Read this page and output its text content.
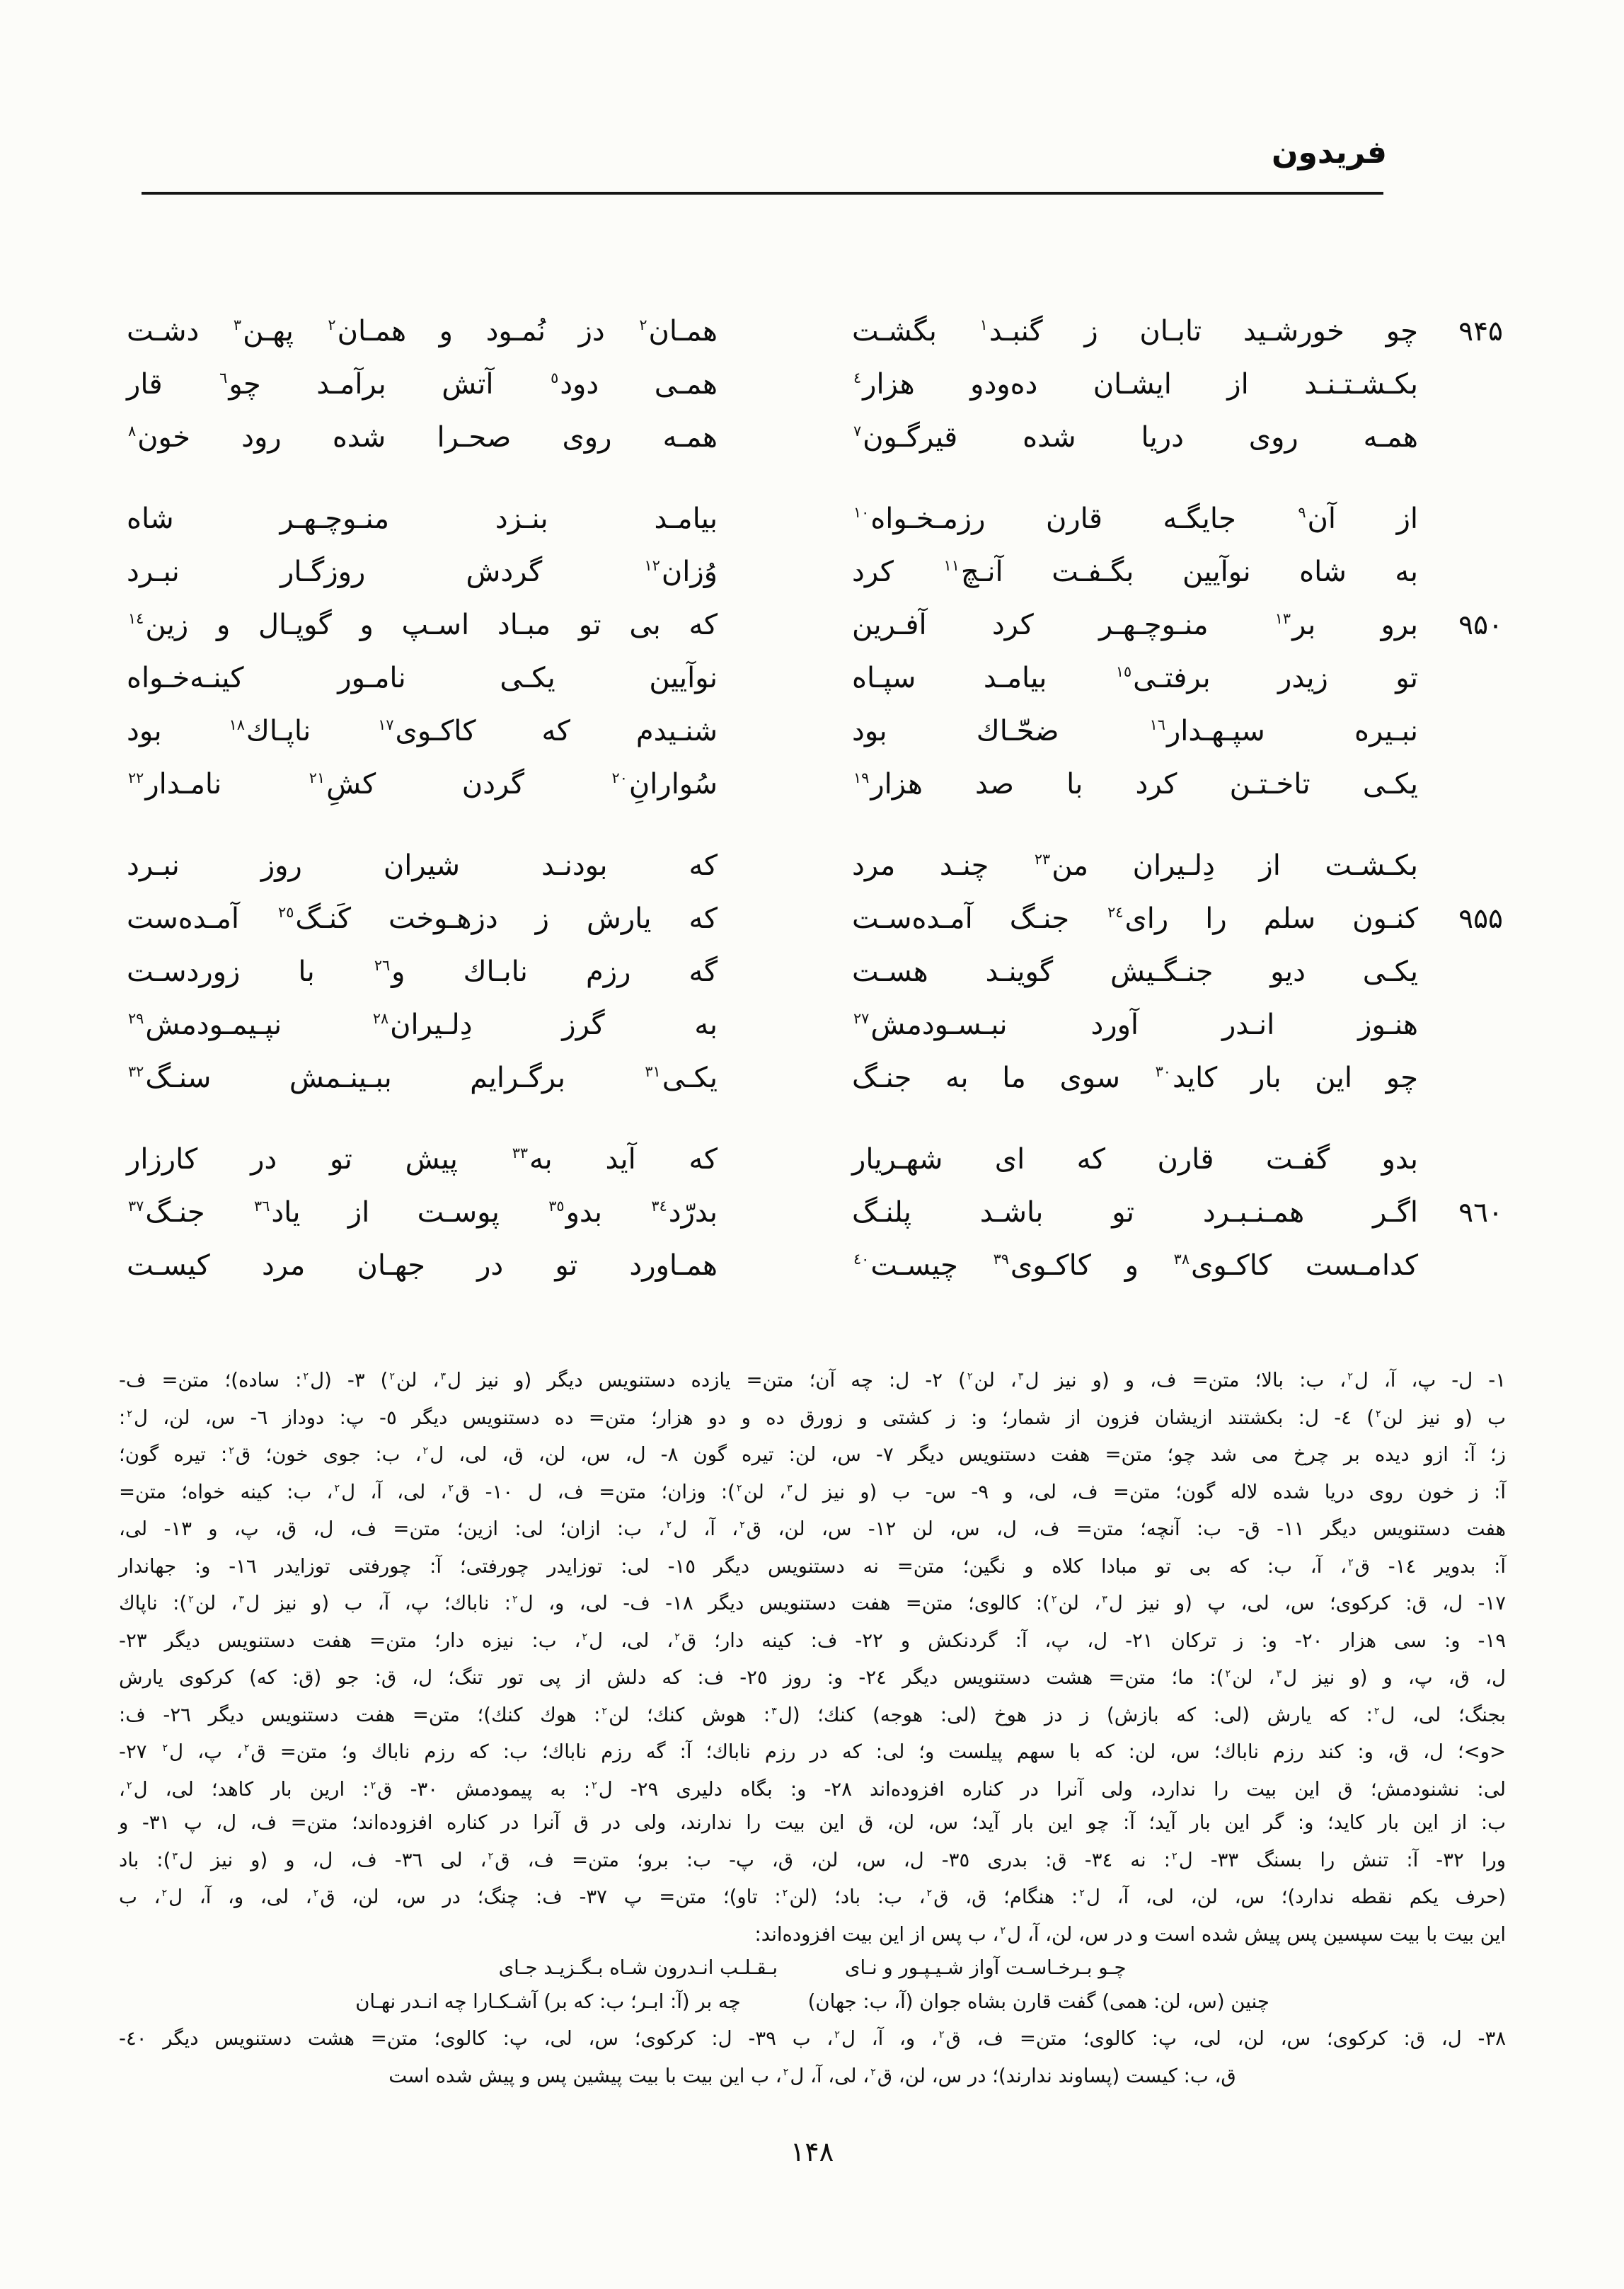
فریدون
٩۴۵
چو خورشـید تابـان ز گنبـد$^١$ بگشـت
همـان$^٢$ دز نُمـود و همـان$^٢$ پهـن$^٣$ دشـت
بکـشـتـنـد از ایشـان ده‌ودو هزار$^٤$
همـی دود$^٥$ آتش برآمـد چو$^٦$ قار
همـه روی دریا شده قیرگـون$^٧$
همـه روی صحـرا شده رود خون$^٨$
از آن$^٩$ جایگـه قارن رزمـخـواه$^{١٠}$
بیامـد بنـزد منـوچـهـر شاه
به شاه نوآیین بگـفـت آنـچ$^{١١}$ کرد
وُزان$^{١٢}$ گردش روزگـار نبـرد
٩۵٠
برو بر$^{١٣}$ منـوچـهـر کرد آفـرین
که بی تو مبـاد اسـپ و گوپـال و زین$^{١٤}$
تو زیدر برفتـی$^{١٥}$ بیامـد سپـاه
نوآیین یکـی نامـور کینـه‌خـواه
نبـیره سپـهـدار$^{١٦}$ ضحّـاك بود
شنـیدم که کاکـوی$^{١٧}$ ناپـاك$^{١٨}$ بود
یکـی تاخـتـن کرد با صد هزار$^{١٩}$
سُوارانِ$^{٢٠}$ گردن کشِ$^{٢١}$ نامـدار$^{٢٢}$
بکـشـت از دِلـیران من$^{٢٣}$ چنـد مرد
که بودنـد شیران روز نبـرد
٩۵۵
کنـون سلم را رای$^{٢٤}$ جنـگ آمـده‌سـت
که یارش ز دزهـوخت کَنـگ$^{٢٥}$ آمـده‌ست
یکـی دیو جنـگـیش گوینـد هسـت
گه رزم نابـاك و$^{٢٦}$ با زوردسـت
هنـوز انـدر آورد نبـسـودمش$^{٢٧}$
به گرز دِلـیران$^{٢٨}$ نپـیمـودمش$^{٢٩}$
چو این بار کاید$^{٣٠}$ سوی ما به جنـگ
یکـی$^{٣١}$ برگـرایم ببـینـمش سنـگ$^{٣٢}$
بدو گفـت قارن که ای شهـریار
که آید به$^{٣٣}$ پیش تو در کارزار
٩٦٠
اگـر همـنـبـرد تو باشـد پلنـگ
بدرّد$^{٣٤}$ بدو$^{٣٥}$ پوسـت از یاد$^{٣٦}$ جنـگ$^{٣٧}$
کدامـست کاکـوی$^{٣٨}$ و کاکـوی$^{٣٩}$ چیسـت$^{٤٠}$
همـاورد تو در جهـان مرد کیسـت
١- ل- پ، آ، ل$^٢$، ب: بالا؛ متن= ف، و (و نیز ل$^٣$، لن$^٢$) ٢- ل: چه آن؛ متن= یازده دستنویس دیگر (و نیز ل$^٣$، لن$^٢$) ٣- (ل$^٢$: ساده)؛ متن= ف-
ب (و نیز لن$^٢$) ٤- ل: بکشتند ازیشان فزون از شمار؛ و: ز کشتی و زورق ده و دو هزار؛ متن= ده دستنویس دیگر ٥- پ: دوداز ٦- س، لن، ل$^٢$:
ز؛ آ: ازو دیده بر چرخ می شد چو؛ متن= هفت دستنویس دیگر ٧- س، لن: تیره گون ٨- ل، س، لن، ق، لی، ل$^٢$، ب: جوی خون؛ ق$^٢$: تیره گون؛
آ: ز خون روی دریا شده لاله گون؛ متن= ف، لی، و ٩- س- ب (و نیز ل$^٣$، لن$^٢$): وزان؛ متن= ف، ل ١٠- ق$^٢$، لی، آ، ل$^٢$، ب: کینه خواه؛ متن=
هفت دستنویس دیگر ١١- ق- ب: آنچه؛ متن= ف، ل، س، لن ١٢- س، لن، ق$^٢$، آ، ل$^٢$، ب: ازان؛ لی: ازین؛ متن= ف، ل، ق، پ، و ١٣- لی،
آ: بدویر ١٤- ق$^٢$، آ، ب: که بی تو مبادا کلاه و نگین؛ متن= نه دستنویس دیگر ١٥- لی: توزایدر چورفتی؛ آ: چورفتی توزایدر ١٦- و: جهاندار
١٧- ل، ق: کرکوی؛ س، لی، پ (و نیز ل$^٣$، لن$^٢$): کالوی؛ متن= هفت دستنویس دیگر ١٨- ف- لی، و، ل$^٢$: ناباك؛ پ، آ، ب (و نیز ل$^٣$، لن$^٢$): ناپاك
١٩- و: سی هزار ٢٠- و: ز ترکان ٢١- ل، پ، آ: گردنکش و ٢٢- ف: کینه دار؛ ق$^٢$، لی، ل$^٢$، ب: نیزه دار؛ متن= هفت دستنویس دیگر ٢٣-
ل، ق، پ، و (و نیز ل$^٣$، لن$^٢$): ما؛ متن= هشت دستنویس دیگر ٢٤- و: روز ٢٥- ف: که دلش از پی تور تنگ؛ ل، ق: جو (ق: که) کرکوی یارش
بجنگ؛ لی، ل$^٢$: که یارش (لی: که بازش) ز دز هوخ (لی: هوجه) کنك؛ (ل$^٣$: هوش کنك؛ لن$^٢$: هوك کنك)؛ متن= هفت دستنویس دیگر ٢٦- ف:
<و>؛ ل، ق، و: کند رزم ناباك؛ س، لن: که با سهم پیلست و؛ لی: که در رزم ناباك؛ آ: گه رزم ناباك؛ ب: که رزم ناباك و؛ متن= ق$^٢$، پ، ل$^٢$ ٢٧-
لی: نشنودمش؛ ق این بیت را ندارد، ولی آنرا در کناره افزوده‌اند ٢٨- و: بگاه دلیری ٢٩- ل$^٢$: به پیمودمش ٣٠- ق$^٢$: ارین بار کاهد؛ لی، ل$^٢$،
ب: از این بار کاید؛ و: گر این بار آید؛ آ: چو این بار آید؛ س، لن، ق این بیت را ندارند، ولی در ق آنرا در کناره افزوده‌اند؛ متن= ف، ل، پ ٣١- و
ورا ٣٢- آ: تنش را بسنگ ٣٣- ل$^٢$: نه ٣٤- ق: بدری ٣٥- ل، س، لن، ق، پ- ب: برو؛ متن= ف، ق$^٢$، لی ٣٦- ف، ل، و (و نیز ل$^٣$): باد
(حرف یکم نقطه ندارد)؛ س، لن، لی، آ، ل$^٢$: هنگام؛ ق، ق$^٢$، ب: باد؛ (لن$^٢$: تاو)؛ متن= پ ٣٧- ف: چنگ؛ در س، لن، ق$^٢$، لی، و، آ، ل$^٢$، ب
این بیت با بیت سپسین پس پیش شده است و در س، لن، آ، ل$^٢$، ب پس از این بیت افزوده‌اند:
چـو بـرخـاسـت آواز شـیـپـور و نـای
بـقـلـب انـدرون شـاه بـگـزیـد جـای
چنین (س، لن: همی) گفت قارن بشاه جوان (آ، ب: جهان)
چه بر (آ: ابـر؛ ب: که بر) آشـکـارا چه انـدر نهـان
٣٨- ل، ق: کرکوی؛ س، لن، لی، پ: کالوی؛ متن= ف، ق$^٢$، و، آ، ل$^٢$، ب ٣٩- ل: کرکوی؛ س، لی، پ: کالوی؛ متن= هشت دستنویس دیگر ٤٠-
ق، ب: کیست (پساوند ندارند)؛ در س، لن، ق$^٢$، لی، آ، ل$^٢$، ب این بیت با بیت پیشین پس و پیش شده است
١۴٨
